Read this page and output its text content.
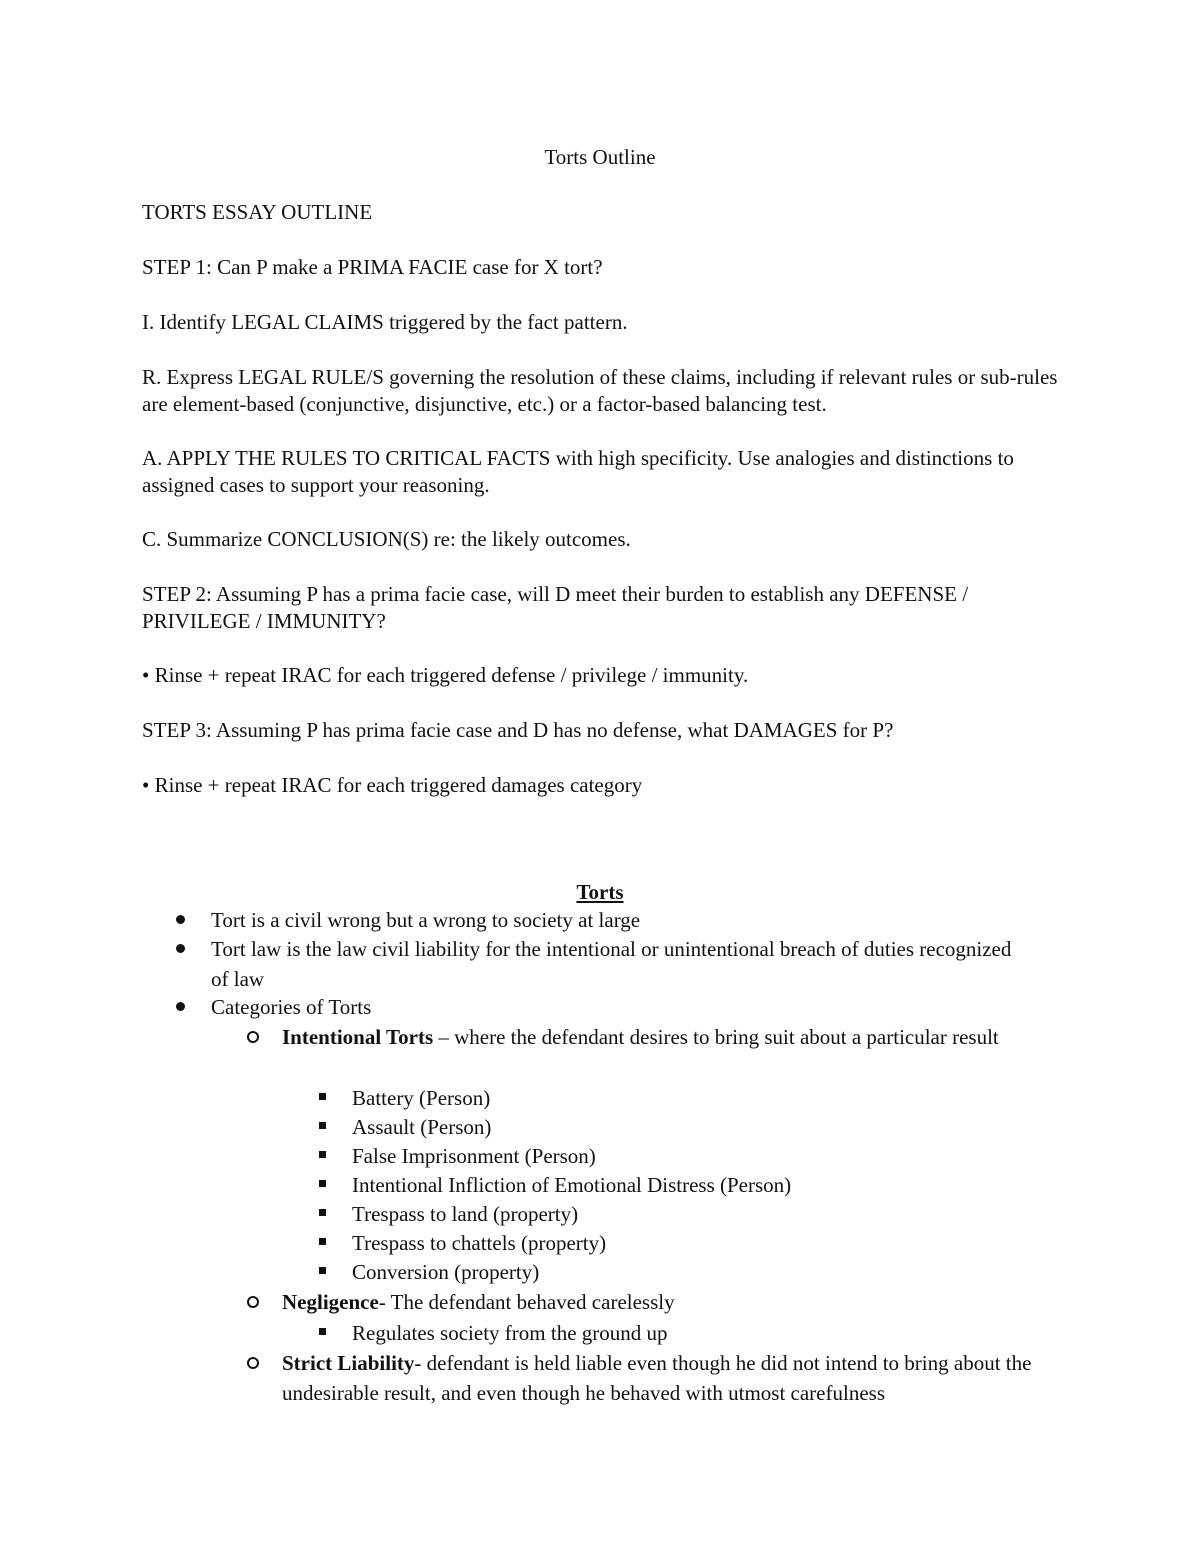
Torts Outline

TORTS ESSAY OUTLINE

STEP 1: Can P make a PRIMA FACIE case for X tort?

I. Identify LEGAL CLAIMS triggered by the fact pattern.

R. Express LEGAL RULE/S governing the resolution of these claims, including if relevant rules or sub-rules are element-based (conjunctive, disjunctive, etc.) or a factor-based balancing test.

A. APPLY THE RULES TO CRITICAL FACTS with high specificity. Use analogies and distinctions to assigned cases to support your reasoning.

C. Summarize CONCLUSION(S) re: the likely outcomes.

STEP 2: Assuming P has a prima facie case, will D meet their burden to establish any DEFENSE / PRIVILEGE / IMMUNITY?

• Rinse + repeat IRAC for each triggered defense / privilege / immunity.

STEP 3: Assuming P has prima facie case and D has no defense, what DAMAGES for P?

• Rinse + repeat IRAC for each triggered damages category

Torts

Tort is a civil wrong but a wrong to society at large

Tort law is the law civil liability for the intentional or unintentional breach of duties recognized of law

Categories of Torts

Intentional Torts – where the defendant desires to bring suit about a particular result

Battery (Person)

Assault (Person)

False Imprisonment (Person)

Intentional Infliction of Emotional Distress (Person)

Trespass to land (property)

Trespass to chattels (property)

Conversion (property)

Negligence- The defendant behaved carelessly

Regulates society from the ground up

Strict Liability- defendant is held liable even though he did not intend to bring about the undesirable result, and even though he behaved with utmost carefulness
